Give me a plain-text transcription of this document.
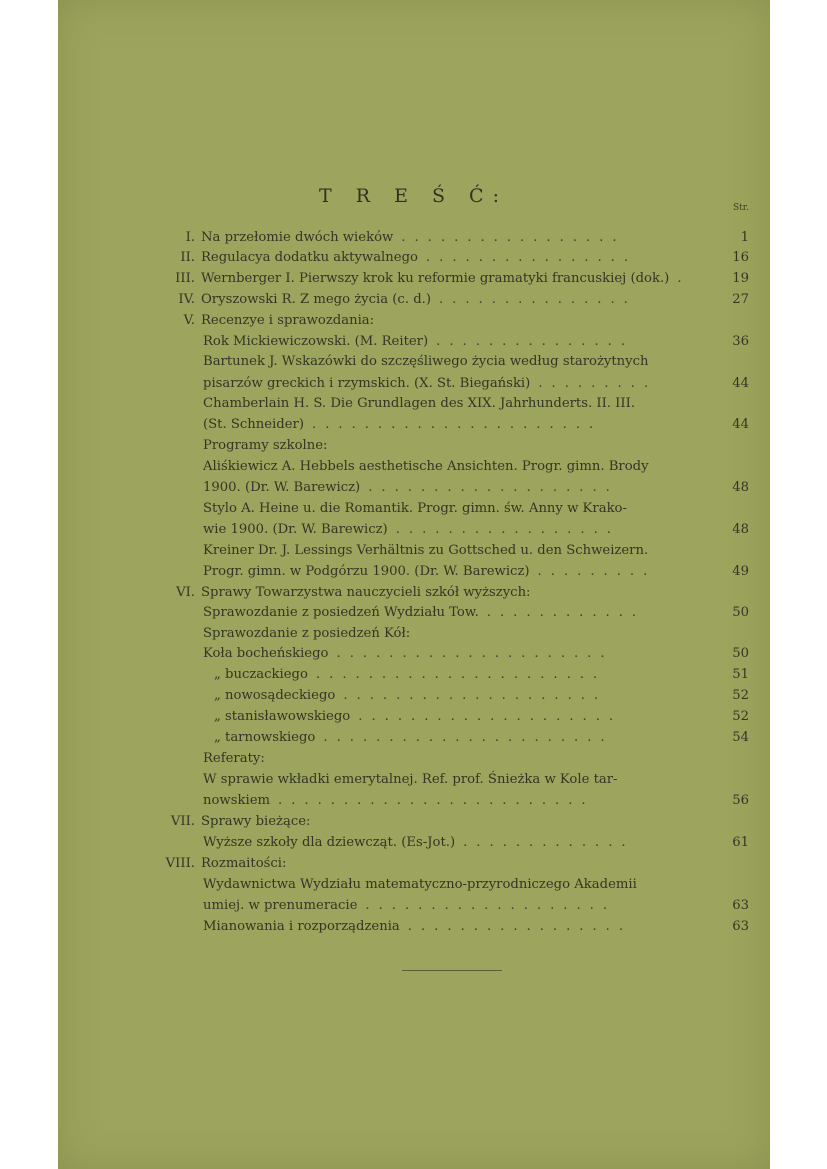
T R E Ś Ć:
Str.
I. Na przełomie dwóch wieków	1
.................
II. Regulacya dodatku aktywalnego	16
................
III. Wernberger I. Pierwszy krok ku reformie gramatyki francuskiej (dok.)	19
.
IV. Oryszowski R. Z mego życia (c. d.)	27
...............
V. Recenzye i sprawozdania:
Rok Mickiewiczowski. (M. Reiter)	36
...............
Bartunek J. Wskazówki do szczęśliwego życia według starożytnych
pisarzów greckich i rzymskich. (X. St. Biegański)	44
.........
Chamberlain H. S. Die Grundlagen des XIX. Jahrhunderts. II. III.
(St. Schneider)	44
......................
Programy szkolne:
Aliśkiewicz A. Hebbels aesthetische Ansichten. Progr. gimn. Brody
1900. (Dr. W. Barewicz)	48
...................
Stylo A. Heine u. die Romantik. Progr. gimn. św. Anny w Krako-
wie 1900. (Dr. W. Barewicz)	48
.................
Kreiner Dr. J. Lessings Verhältnis zu Gottsched u. den Schweizern.
Progr. gimn. w Podgórzu 1900. (Dr. W. Barewicz)	49
.........
VI. Sprawy Towarzystwa nauczycieli szkół wyższych:
Sprawozdanie z posiedzeń Wydziału Tow.	50
............
Sprawozdanie z posiedzeń Kół:
Koła bocheńskiego	50
.....................
„ buczackiego	51
......................
„ nowosądeckiego	52
....................
„ stanisławowskiego	52
....................
„ tarnowskiego	54
......................
Referaty:
W sprawie wkładki emerytalnej. Ref. prof. Śnieżka w Kole tar-
nowskiem	56
........................
VII. Sprawy bieżące:
Wyższe szkoły dla dziewcząt. (Es-Jot.)	61
.............
VIII. Rozmaitości:
Wydawnictwa Wydziału matematyczno-przyrodniczego Akademii
umiej. w prenumeracie	63
...................
Mianowania i rozporządzenia	63
.................
